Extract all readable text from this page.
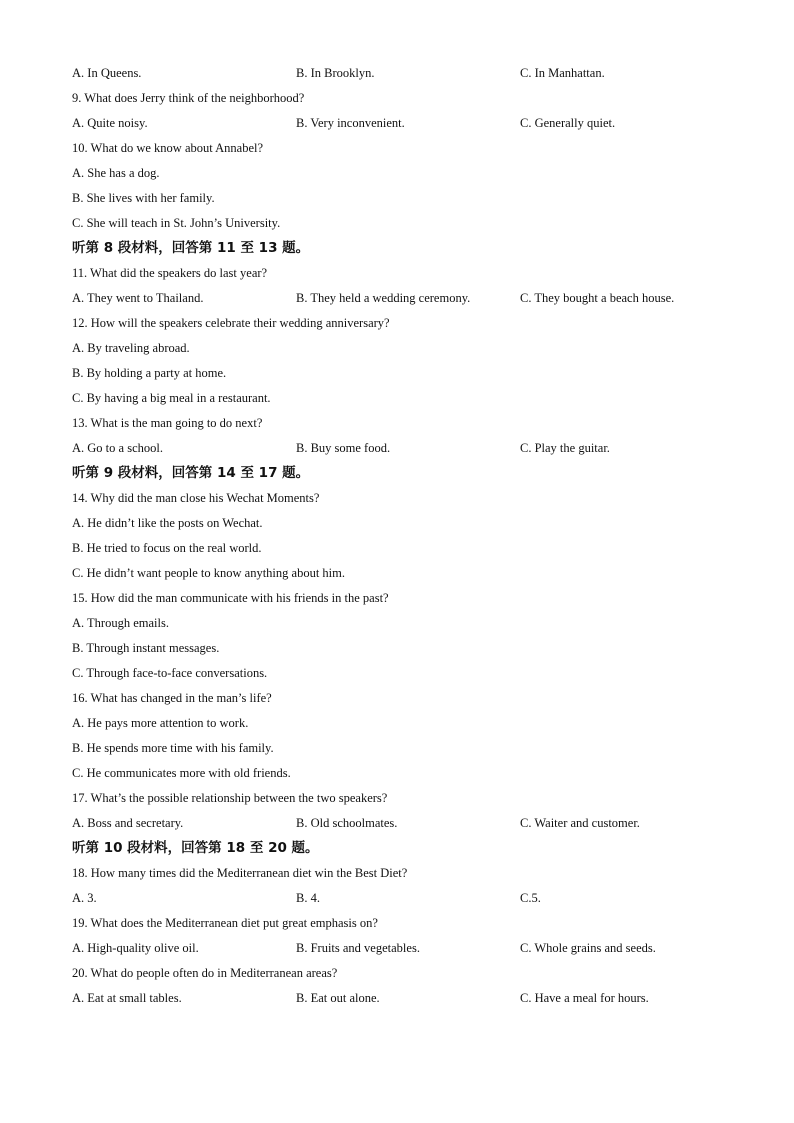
A. In Queens.	B. In Brooklyn.	C. In Manhattan.
9. What does Jerry think of the neighborhood?
A. Quite noisy.	B. Very inconvenient.	C. Generally quiet.
10. What do we know about Annabel?
A. She has a dog.
B. She lives with her family.
C. She will teach in St. John’s University.
听第 8 段材料，回答第 11 至 13 题。
11. What did the speakers do last year?
A. They went to Thailand.	B. They held a wedding ceremony.	C. They bought a beach house.
12. How will the speakers celebrate their wedding anniversary?
A. By traveling abroad.
B. By holding a party at home.
C. By having a big meal in a restaurant.
13. What is the man going to do next?
A. Go to a school.	B. Buy some food.	C. Play the guitar.
听第 9 段材料，回答第 14 至 17 题。
14. Why did the man close his Wechat Moments?
A. He didn’t like the posts on Wechat.
B. He tried to focus on the real world.
C. He didn’t want people to know anything about him.
15. How did the man communicate with his friends in the past?
A. Through emails.
B. Through instant messages.
C. Through face-to-face conversations.
16. What has changed in the man’s life?
A. He pays more attention to work.
B. He spends more time with his family.
C. He communicates more with old friends.
17. What’s the possible relationship between the two speakers?
A. Boss and secretary.	B. Old schoolmates.	C. Waiter and customer.
听第 10 段材料，回答第 18 至 20 题。
18. How many times did the Mediterranean diet win the Best Diet?
A. 3.	B. 4.	C.5.
19. What does the Mediterranean diet put great emphasis on?
A. High-quality olive oil.	B. Fruits and vegetables.	C. Whole grains and seeds.
20. What do people often do in Mediterranean areas?
A. Eat at small tables.	B. Eat out alone.	C. Have a meal for hours.
